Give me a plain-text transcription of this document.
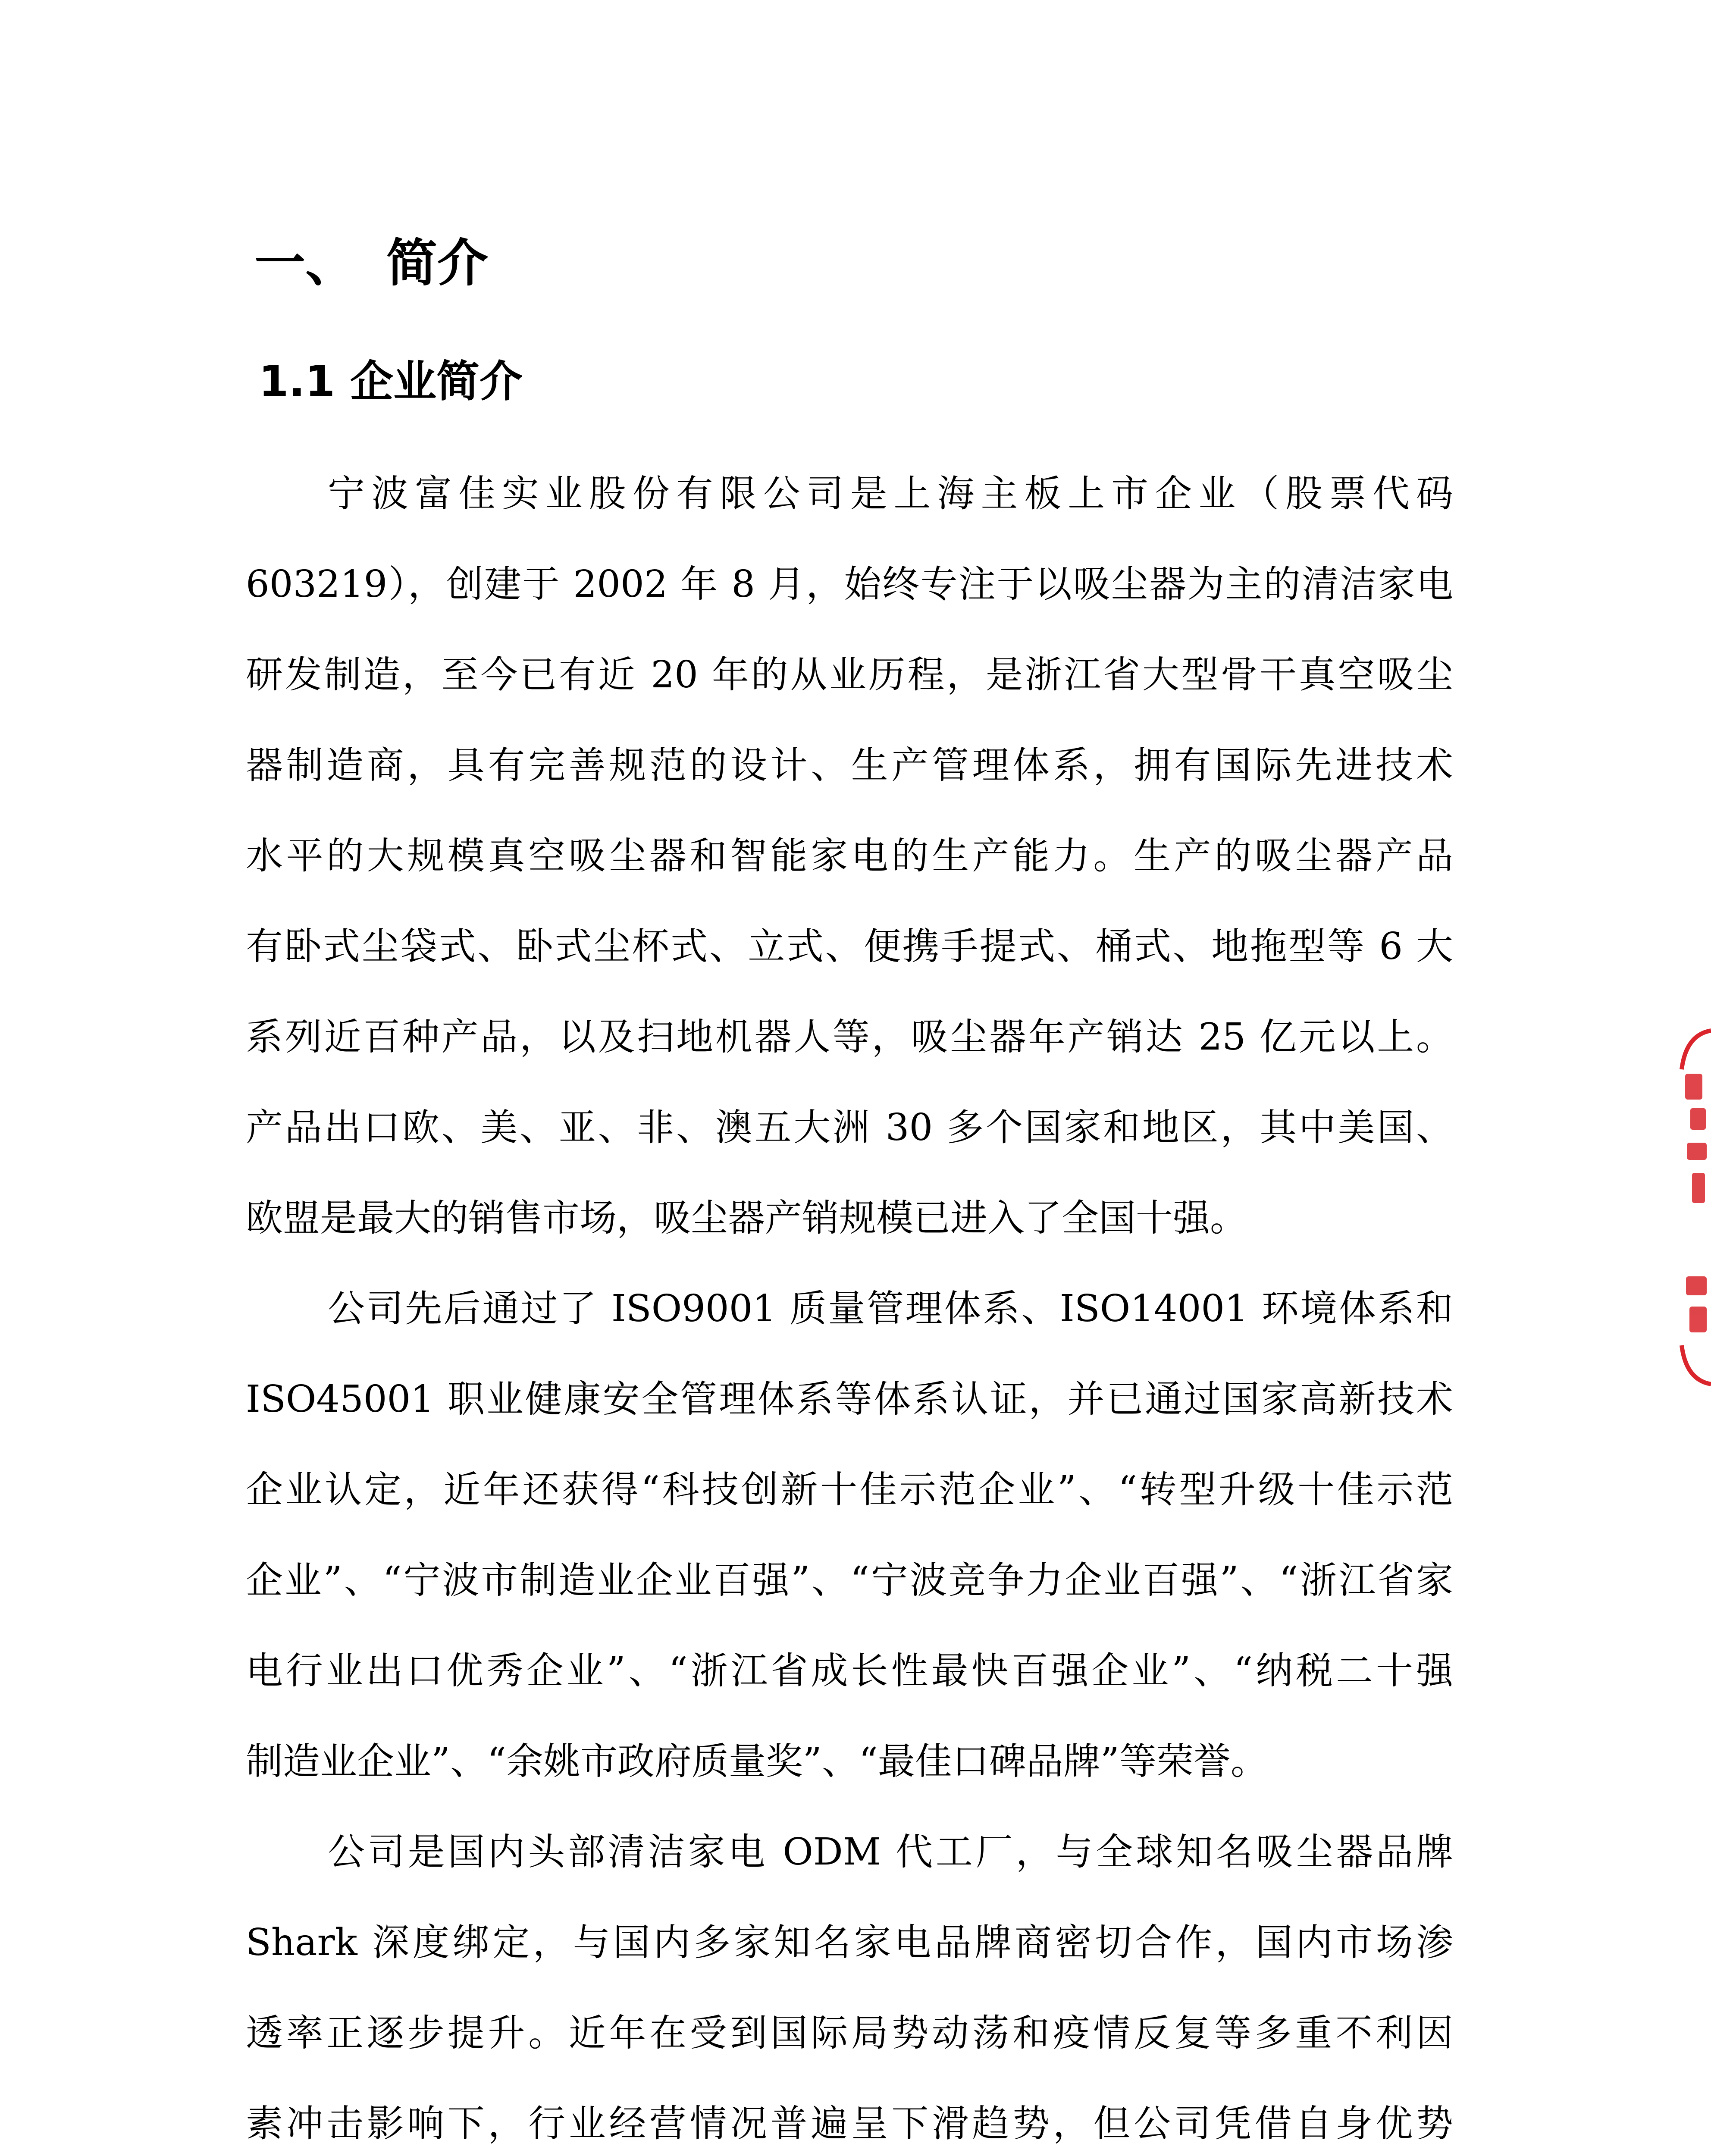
一、 简介
1.1 企业简介
宁波富佳实业股份有限公司是上海主板上市企业（股票代码
603219），创建于 2002 年 8 月，始终专注于以吸尘器为主的清洁家电
研发制造，至今已有近 20 年的从业历程，是浙江省大型骨干真空吸尘
器制造商，具有完善规范的设计、生产管理体系，拥有国际先进技术
水平的大规模真空吸尘器和智能家电的生产能力。生产的吸尘器产品
有卧式尘袋式、卧式尘杯式、立式、便携手提式、桶式、地拖型等 6 大
系列近百种产品，以及扫地机器人等，吸尘器年产销达 25 亿元以上。
产品出口欧、美、亚、非、澳五大洲 30 多个国家和地区，其中美国、
欧盟是最大的销售市场，吸尘器产销规模已进入了全国十强。
公司先后通过了 ISO9001 质量管理体系、ISO14001 环境体系和
ISO45001 职业健康安全管理体系等体系认证，并已通过国家高新技术
企业认定，近年还获得“科技创新十佳示范企业”、“转型升级十佳示范
企业”、“宁波市制造业企业百强”、“宁波竞争力企业百强”、“浙江省家
电行业出口优秀企业”、“浙江省成长性最快百强企业”、“纳税二十强
制造业企业”、“余姚市政府质量奖”、“最佳口碑品牌”等荣誉。
公司是国内头部清洁家电 ODM 代工厂，与全球知名吸尘器品牌
Shark 深度绑定，与国内多家知名家电品牌商密切合作，国内市场渗
透率正逐步提升。近年在受到国际局势动荡和疫情反复等多重不利因
素冲击影响下，行业经营情况普遍呈下滑趋势，但公司凭借自身优势
